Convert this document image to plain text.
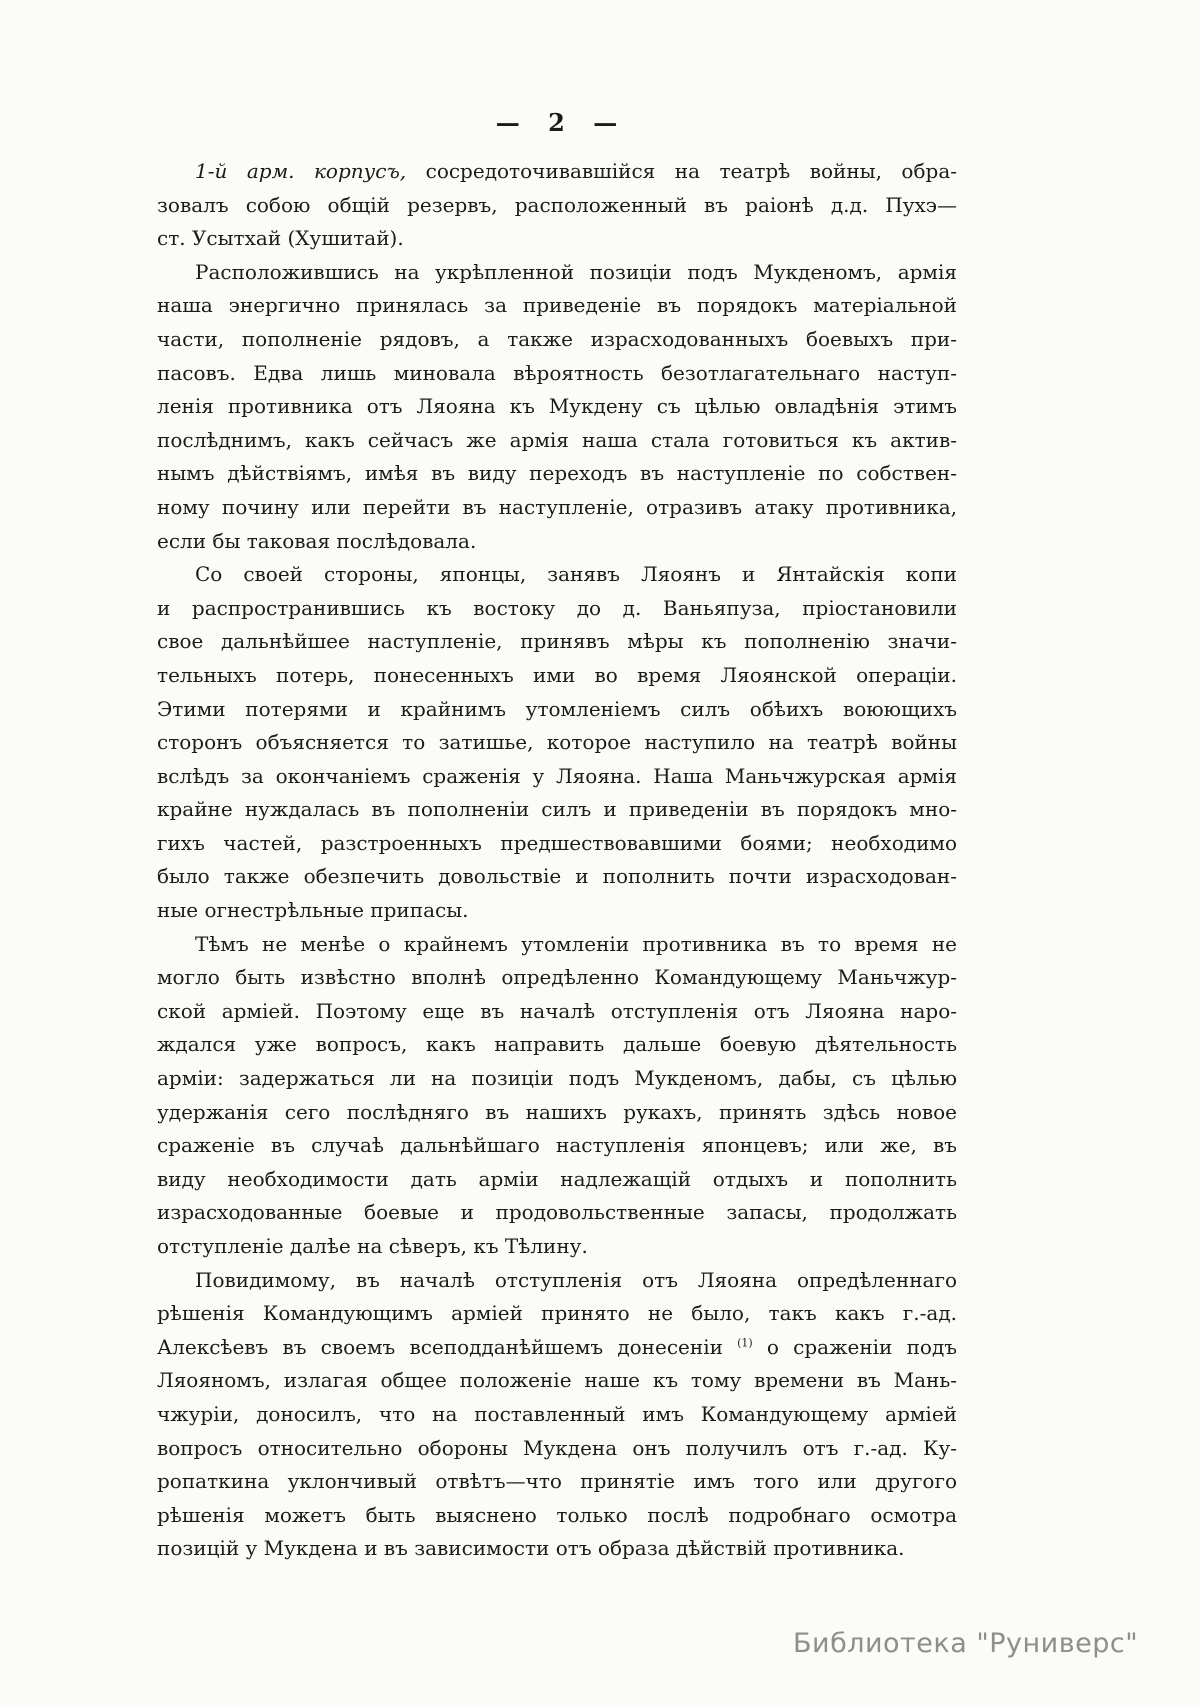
— 2 —
1-й арм. корпусъ, сосредоточивавшійся на театрѣ войны, обра-
зовалъ собою общій резервъ, расположенный въ раіонѣ д.д. Пухэ—
ст. Усытхай (Хушитай).
Расположившись на укрѣпленной позиціи подъ Мукденомъ, армія
наша энергично принялась за приведеніе въ порядокъ матеріальной
части, пополненіе рядовъ, а также израсходованныхъ боевыхъ при-
пасовъ. Едва лишь миновала вѣроятность безотлагательнаго наступ-
ленія противника отъ Ляояна къ Мукдену съ цѣлью овладѣнія этимъ
послѣднимъ, какъ сейчасъ же армія наша стала готовиться къ актив-
нымъ дѣйствіямъ, имѣя въ виду переходъ въ наступленіе по собствен-
ному почину или перейти въ наступленіе, отразивъ атаку противника,
если бы таковая послѣдовала.
Со своей стороны, японцы, занявъ Ляоянъ и Янтайскія копи
и распространившись къ востоку до д. Ваньяпуза, пріостановили
свое дальнѣйшее наступленіе, принявъ мѣры къ пополненію значи-
тельныхъ потерь, понесенныхъ ими во время Ляоянской операціи.
Этими потерями и крайнимъ утомленіемъ силъ обѣихъ воюющихъ
сторонъ объясняется то затишье, которое наступило на театрѣ войны
вслѣдъ за окончаніемъ сраженія у Ляояна. Наша Маньчжурская армія
крайне нуждалась въ пополненіи силъ и приведеніи въ порядокъ мно-
гихъ частей, разстроенныхъ предшествовавшими боями; необходимо
было также обезпечить довольствіе и пополнить почти израсходован-
ные огнестрѣльные припасы.
Тѣмъ не менѣе о крайнемъ утомленіи противника въ то время не
могло быть извѣстно вполнѣ опредѣленно Командующему Маньчжур-
ской арміей. Поэтому еще въ началѣ отступленія отъ Ляояна наро-
ждался уже вопросъ, какъ направить дальше боевую дѣятельность
арміи: задержаться ли на позиціи подъ Мукденомъ, дабы, съ цѣлью
удержанія сего послѣдняго въ нашихъ рукахъ, принять здѣсь новое
сраженіе въ случаѣ дальнѣйшаго наступленія японцевъ; или же, въ
виду необходимости дать арміи надлежащій отдыхъ и пополнить
израсходованные боевые и продовольственные запасы, продолжать
отступленіе далѣе на сѣверъ, къ Тѣлину.
Повидимому, въ началѣ отступленія отъ Ляояна опредѣленнаго
рѣшенія Командующимъ арміей принято не было, такъ какъ г.-ад.
Алексѣевъ въ своемъ всеподданѣйшемъ донесеніи $^{(1)}$ о сраженіи подъ
Ляояномъ, излагая общее положеніе наше къ тому времени въ Мань-
чжуріи, доносилъ, что на поставленный имъ Командующему арміей
вопросъ относительно обороны Мукдена онъ получилъ отъ г.-ад. Ку-
ропаткина уклончивый отвѣтъ—что принятіе имъ того или другого
рѣшенія можетъ быть выяснено только послѣ подробнаго осмотра
позицій у Мукдена и въ зависимости отъ образа дѣйствій противника.
Библиотека "Руниверс"
